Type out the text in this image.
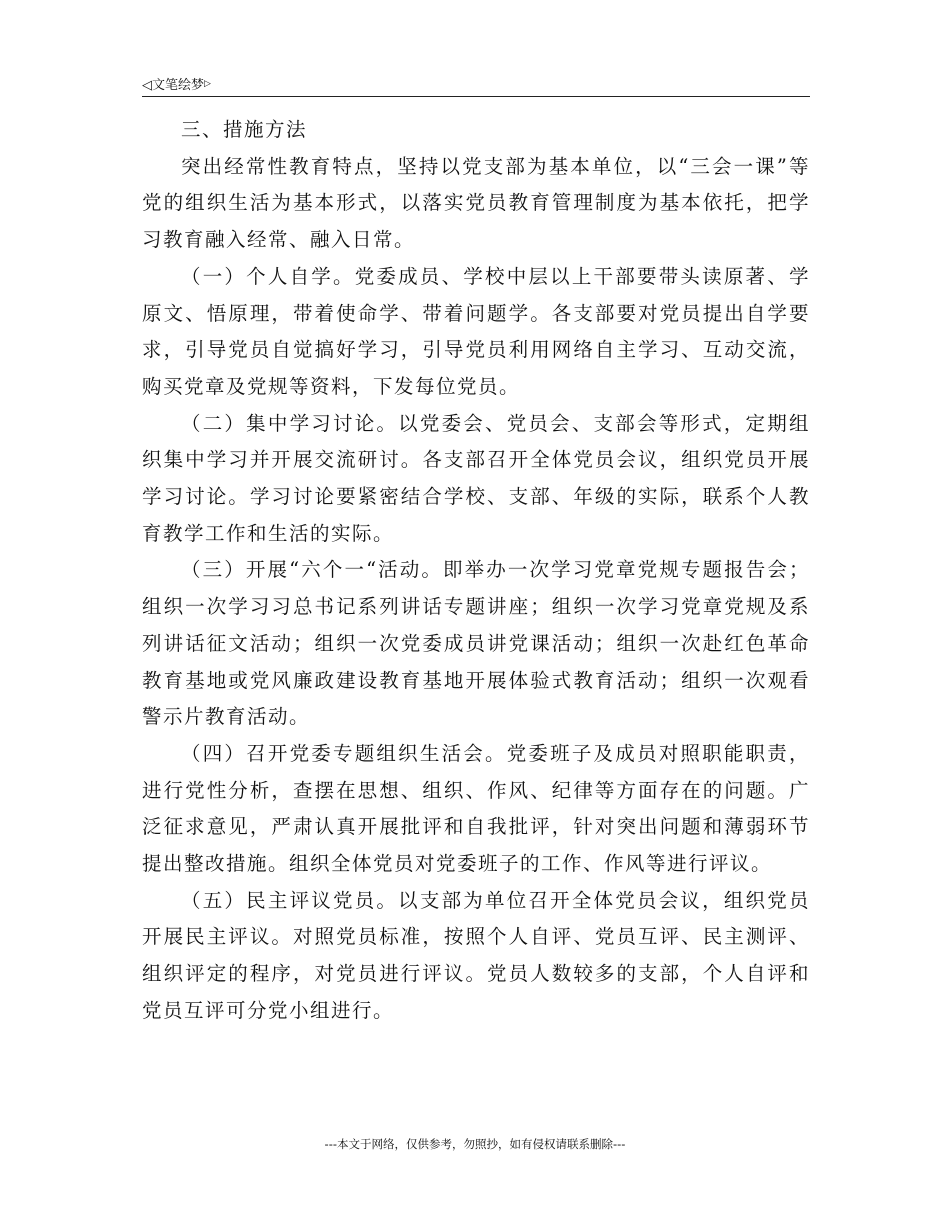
◁文笔绘梦▷

三、措施方法

突出经常性教育特点，坚持以党支部为基本单位，以“三会一课”等党的组织生活为基本形式，以落实党员教育管理制度为基本依托，把学习教育融入经常、融入日常。

（一）个人自学。党委成员、学校中层以上干部要带头读原著、学原文、悟原理，带着使命学、带着问题学。各支部要对党员提出自学要求，引导党员自觉搞好学习，引导党员利用网络自主学习、互动交流，购买党章及党规等资料，下发每位党员。

（二）集中学习讨论。以党委会、党员会、支部会等形式，定期组织集中学习并开展交流研讨。各支部召开全体党员会议，组织党员开展学习讨论。学习讨论要紧密结合学校、支部、年级的实际，联系个人教育教学工作和生活的实际。

（三）开展“六个一“活动。即举办一次学习党章党规专题报告会；组织一次学习习总书记系列讲话专题讲座；组织一次学习党章党规及系列讲话征文活动；组织一次党委成员讲党课活动；组织一次赴红色革命教育基地或党风廉政建设教育基地开展体验式教育活动；组织一次观看警示片教育活动。

（四）召开党委专题组织生活会。党委班子及成员对照职能职责，进行党性分析，查摆在思想、组织、作风、纪律等方面存在的问题。广泛征求意见，严肃认真开展批评和自我批评，针对突出问题和薄弱环节提出整改措施。组织全体党员对党委班子的工作、作风等进行评议。

（五）民主评议党员。以支部为单位召开全体党员会议，组织党员开展民主评议。对照党员标准，按照个人自评、党员互评、民主测评、组织评定的程序，对党员进行评议。党员人数较多的支部，个人自评和党员互评可分党小组进行。

---本文于网络，仅供参考，勿照抄，如有侵权请联系删除---
